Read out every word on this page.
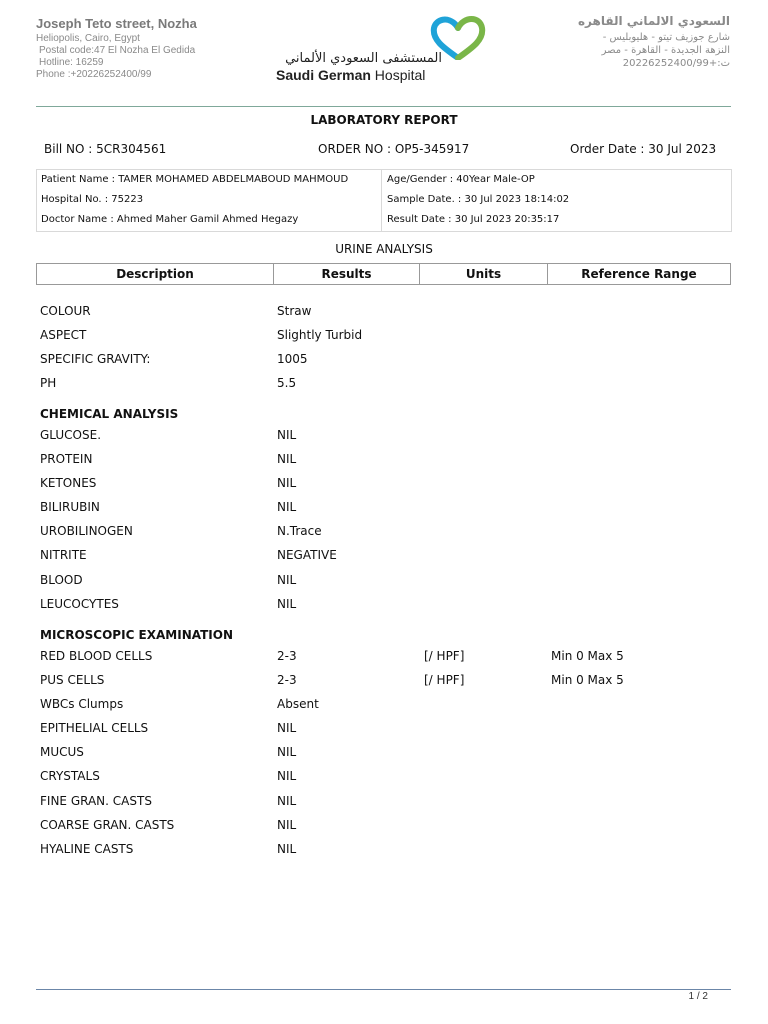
Joseph Teto street, Nozha
Heliopolis, Cairo, Egypt
Postal code:47 El Nozha El Gedida
Hotline: 16259
Phone :+20226252400/99
المستشفى السعودي الألماني
Saudi German Hospital
السعودي الالماني القاهره
شارع جوزيف تيتو - هليوبليس -
النزهة الجديدة - القاهرة - مصر
ت:+20226252400/99
LABORATORY REPORT
Bill NO : 5CR304561	ORDER NO : OP5-345917	Order Date : 30 Jul 2023
Patient Name : TAMER MOHAMED ABDELMABOUD MAHMOUD
Hospital No. : 75223
Doctor Name : Ahmed Maher Gamil Ahmed Hegazy
Age/Gender : 40Year Male-OP
Sample Date. : 30 Jul 2023 18:14:02
Result Date : 30 Jul 2023 20:35:17
URINE ANALYSIS
Description	Results	Units	Reference Range
COLOUR	Straw
ASPECT	Slightly Turbid
SPECIFIC GRAVITY:	1005
PH	5.5
CHEMICAL ANALYSIS
GLUCOSE.	NIL
PROTEIN	NIL
KETONES	NIL
BILIRUBIN	NIL
UROBILINOGEN	N.Trace
NITRITE	NEGATIVE
BLOOD	NIL
LEUCOCYTES	NIL
MICROSCOPIC EXAMINATION
RED BLOOD CELLS	2-3	[/ HPF]	Min 0 Max 5
PUS CELLS	2-3	[/ HPF]	Min 0 Max 5
WBCs Clumps	Absent
EPITHELIAL CELLS	NIL
MUCUS	NIL
CRYSTALS	NIL
FINE GRAN. CASTS	NIL
COARSE GRAN. CASTS	NIL
HYALINE CASTS	NIL
1 / 2
